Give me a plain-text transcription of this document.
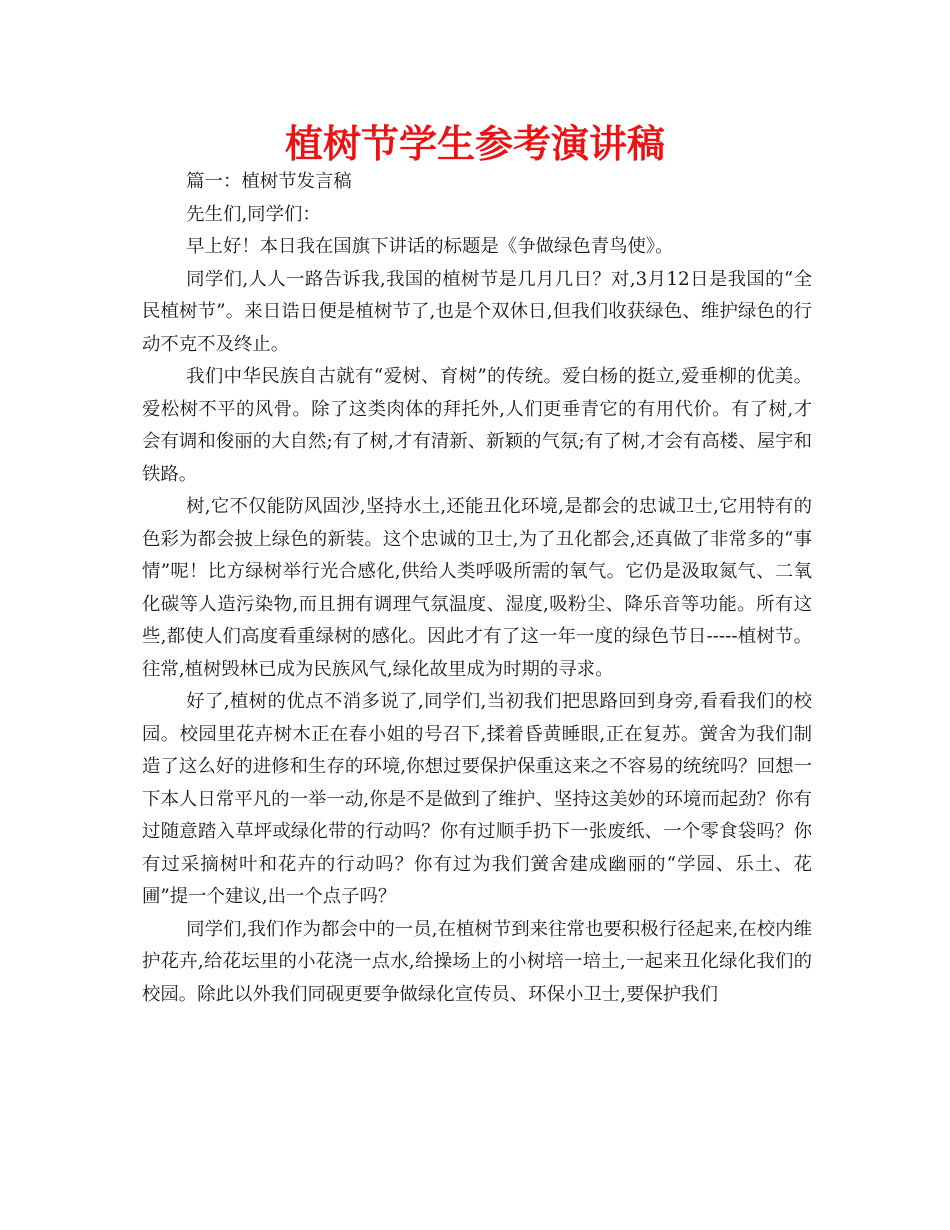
植树节学生参考演讲稿

篇一：植树节发言稿

先生们,同学们：

早上好！本日我在国旗下讲话的标题是《争做绿色青鸟使》。

同学们,人人一路告诉我,我国的植树节是几月几日？对,3月12日是我国的“全民植树节”。来日诰日便是植树节了,也是个双休日,但我们收获绿色、维护绿色的行动不克不及终止。

我们中华民族自古就有“爱树、育树”的传统。爱白杨的挺立,爱垂柳的优美。爱松树不平的风骨。除了这类肉体的拜托外,人们更垂青它的有用代价。有了树,才会有调和俊丽的大自然;有了树,才有清新、新颖的气氛;有了树,才会有高楼、屋宇和铁路。

树,它不仅能防风固沙,坚持水土,还能丑化环境,是都会的忠诚卫士,它用特有的色彩为都会披上绿色的新装。这个忠诚的卫士,为了丑化都会,还真做了非常多的“事情”呢！比方绿树举行光合感化,供给人类呼吸所需的氧气。它仍是汲取氮气、二氧化碳等人造污染物,而且拥有调理气氛温度、湿度,吸粉尘、降乐音等功能。所有这些,都使人们高度看重绿树的感化。因此才有了这一年一度的绿色节日-----植树节。往常,植树毁林已成为民族风气,绿化故里成为时期的寻求。

好了,植树的优点不消多说了,同学们,当初我们把思路回到身旁,看看我们的校园。校园里花卉树木正在春小姐的号召下,揉着昏黄睡眼,正在复苏。黉舍为我们制造了这么好的进修和生存的环境,你想过要保护保重这来之不容易的统统吗？回想一下本人日常平凡的一举一动,你是不是做到了维护、坚持这美妙的环境而起劲？你有过随意踏入草坪或绿化带的行动吗？你有过顺手扔下一张废纸、一个零食袋吗？你有过采摘树叶和花卉的行动吗？你有过为我们黉舍建成幽丽的“学园、乐土、花圃”提一个建议,出一个点子吗？

同学们,我们作为都会中的一员,在植树节到来往常也要积极行径起来,在校内维护花卉,给花坛里的小花浇一点水,给操场上的小树培一培土,一起来丑化绿化我们的校园。除此以外我们同砚更要争做绿化宣传员、环保小卫士,要保护我们
